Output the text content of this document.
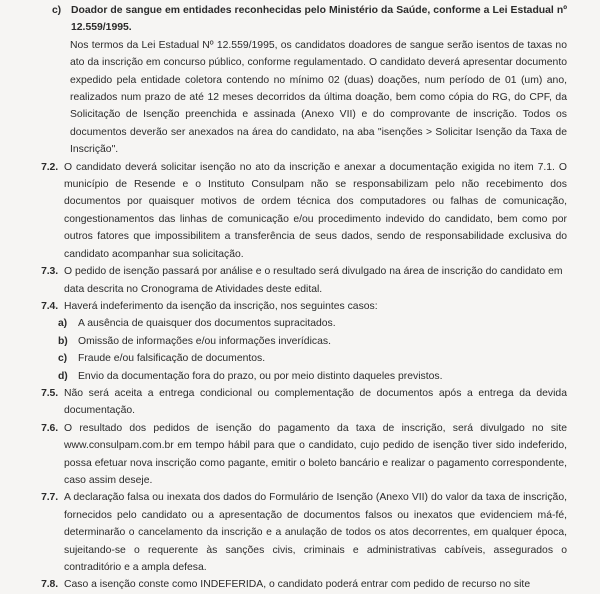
c) Doador de sangue em entidades reconhecidas pelo Ministério da Saúde, conforme a Lei Estadual nº 12.559/1995.
Nos termos da Lei Estadual Nº 12.559/1995, os candidatos doadores de sangue serão isentos de taxas no ato da inscrição em concurso público, conforme regulamentado. O candidato deverá apresentar documento expedido pela entidade coletora contendo no mínimo 02 (duas) doações, num período de 01 (um) ano, realizados num prazo de até 12 meses decorridos da última doação, bem como cópia do RG, do CPF, da Solicitação de Isenção preenchida e assinada (Anexo VII) e do comprovante de inscrição. Todos os documentos deverão ser anexados na área do candidato, na aba "isenções > Solicitar Isenção da Taxa de Inscrição".
7.2. O candidato deverá solicitar isenção no ato da inscrição e anexar a documentação exigida no item 7.1. O município de Resende e o Instituto Consulpam não se responsabilizam pelo não recebimento dos documentos por quaisquer motivos de ordem técnica dos computadores ou falhas de comunicação, congestionamentos das linhas de comunicação e/ou procedimento indevido do candidato, bem como por outros fatores que impossibilitem a transferência de seus dados, sendo de responsabilidade exclusiva do candidato acompanhar sua solicitação.
7.3. O pedido de isenção passará por análise e o resultado será divulgado na área de inscrição do candidato em data descrita no Cronograma de Atividades deste edital.
7.4. Haverá indeferimento da isenção da inscrição, nos seguintes casos:
a) A ausência de quaisquer dos documentos supracitados.
b) Omissão de informações e/ou informações inverídicas.
c) Fraude e/ou falsificação de documentos.
d) Envio da documentação fora do prazo, ou por meio distinto daqueles previstos.
7.5. Não será aceita a entrega condicional ou complementação de documentos após a entrega da devida documentação.
7.6. O resultado dos pedidos de isenção do pagamento da taxa de inscrição, será divulgado no site www.consulpam.com.br em tempo hábil para que o candidato, cujo pedido de isenção tiver sido indeferido, possa efetuar nova inscrição como pagante, emitir o boleto bancário e realizar o pagamento correspondente, caso assim deseje.
7.7. A declaração falsa ou inexata dos dados do Formulário de Isenção (Anexo VII) do valor da taxa de inscrição, fornecidos pelo candidato ou a apresentação de documentos falsos ou inexatos que evidenciem má-fé, determinarão o cancelamento da inscrição e a anulação de todos os atos decorrentes, em qualquer época, sujeitando-se o requerente às sanções civis, criminais e administrativas cabíveis, assegurados o contraditório e a ampla defesa.
7.8. Caso a isenção conste como INDEFERIDA, o candidato poderá entrar com pedido de recurso no site
